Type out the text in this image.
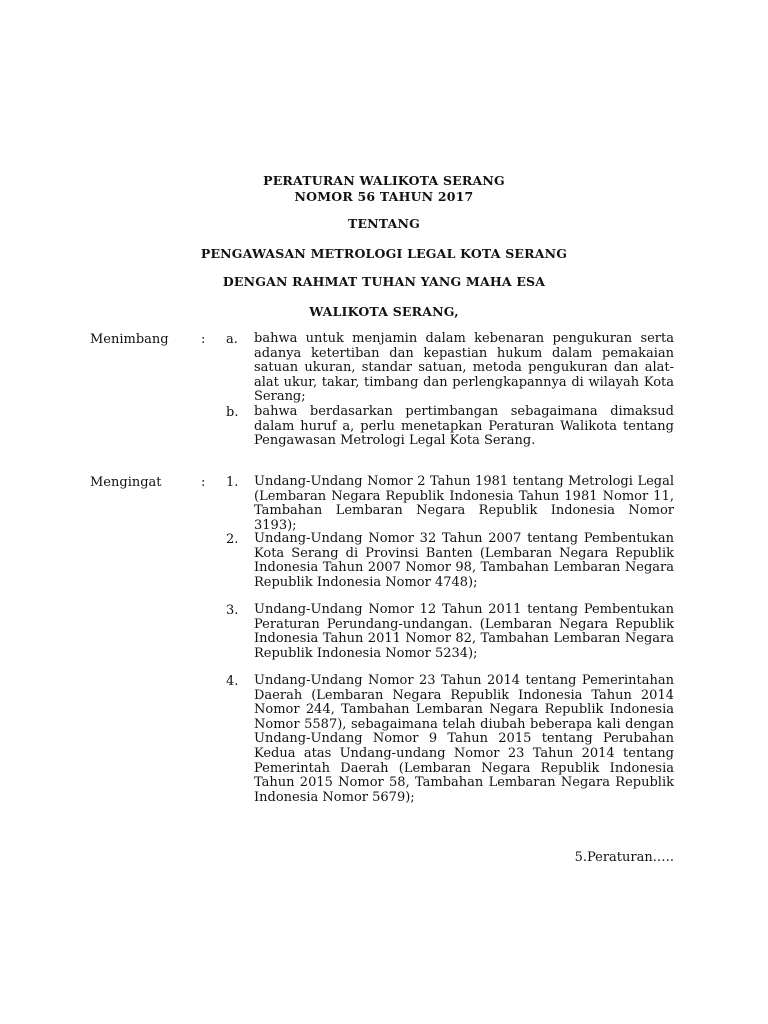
PERATURAN WALIKOTA SERANG
NOMOR 56 TAHUN 2017
TENTANG
PENGAWASAN METROLOGI LEGAL KOTA SERANG
DENGAN RAHMAT TUHAN YANG MAHA ESA
WALIKOTA SERANG,
Menimbang : a. bahwa untuk menjamin dalam kebenaran pengukuran serta adanya ketertiban dan kepastian hukum dalam pemakaian satuan ukuran, standar satuan, metoda pengukuran dan alat-alat ukur, takar, timbang dan perlengkapannya di wilayah Kota Serang;
b. bahwa berdasarkan pertimbangan sebagaimana dimaksud dalam huruf a, perlu menetapkan Peraturan Walikota tentang Pengawasan Metrologi Legal Kota Serang.
Mengingat	: 1. Undang-Undang Nomor 2 Tahun 1981 tentang Metrologi Legal (Lembaran Negara Republik Indonesia Tahun 1981 Nomor 11, Tambahan Lembaran Negara Republik Indonesia Nomor 3193);
2. Undang-Undang Nomor 32 Tahun 2007 tentang Pembentukan Kota Serang di Provinsi Banten (Lembaran Negara Republik Indonesia Tahun 2007 Nomor 98, Tambahan Lembaran Negara Republik Indonesia Nomor 4748);
3. Undang-Undang Nomor 12 Tahun 2011 tentang Pembentukan Peraturan Perundang-undangan. (Lembaran Negara Republik Indonesia Tahun 2011 Nomor 82, Tambahan Lembaran Negara Republik Indonesia Nomor 5234);
4. Undang-Undang Nomor 23 Tahun 2014 tentang Pemerintahan Daerah (Lembaran Negara Republik Indonesia Tahun 2014 Nomor 244, Tambahan Lembaran Negara Republik Indonesia Nomor 5587), sebagaimana telah diubah beberapa kali dengan Undang-Undang Nomor 9 Tahun 2015 tentang Perubahan Kedua atas Undang-undang Nomor 23 Tahun 2014 tentang Pemerintah Daerah (Lembaran Negara Republik Indonesia Tahun 2015 Nomor 58, Tambahan Lembaran Negara Republik Indonesia Nomor 5679);
5.Peraturan.….
